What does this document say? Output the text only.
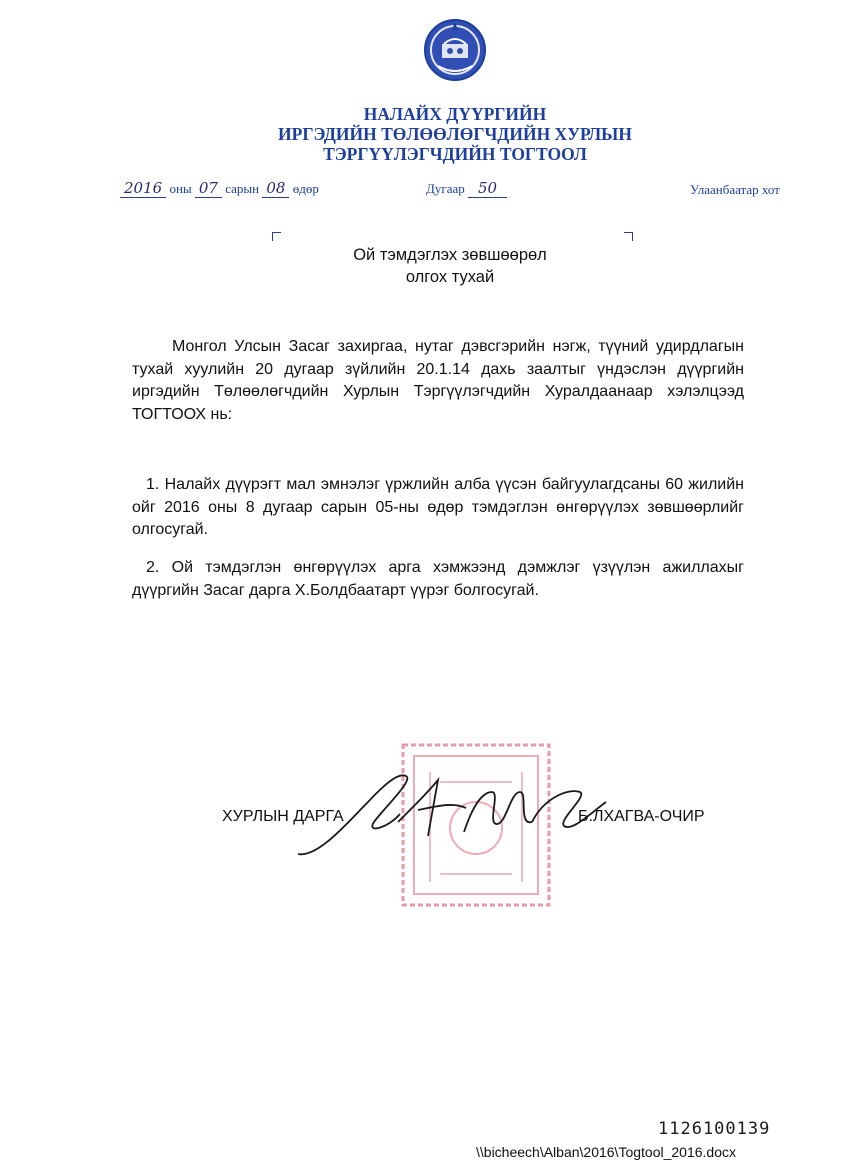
НАЛАЙХ ДҮҮРГИЙН
ИРГЭДИЙН ТӨЛӨӨЛӨГЧДИЙН ХУРЛЫН
ТЭРГҮҮЛЭГЧДИЙН ТОГТООЛ
2016 оны 07 сарын 08 өдөр	Дугаар 50	Улаанбаатар хот
Ой тэмдэглэх зөвшөөрөл
олгох тухай
Монгол Улсын Засаг захиргаа, нутаг дэвсгэрийн нэгж, түүний удирдлагын тухай хуулийн 20 дугаар зүйлийн 20.1.14 дахь заалтыг үндэслэн дүүргийн иргэдийн Төлөөлөгчдийн Хурлын Тэргүүлэгчдийн Хуралдаанаар хэлэлцээд ТОГТООХ нь:
1. Налайх дүүрэгт мал эмнэлэг үржлийн алба үүсэн байгуулагдсаны 60 жилийн ойг 2016 оны 8 дугаар сарын 05-ны өдөр тэмдэглэн өнгөрүүлэх зөвшөөрлийг олгосугай.
2. Ой тэмдэглэн өнгөрүүлэх арга хэмжээнд дэмжлэг үзүүлэн ажиллахыг дүүргийн Засаг дарга Х.Болдбаатарт үүрэг болгосугай.
ХУРЛЫН ДАРГА	Б.ЛХАГВА-ОЧИР
1126100139
\\bicheech\Alban\2016\Togtool_2016.docx
